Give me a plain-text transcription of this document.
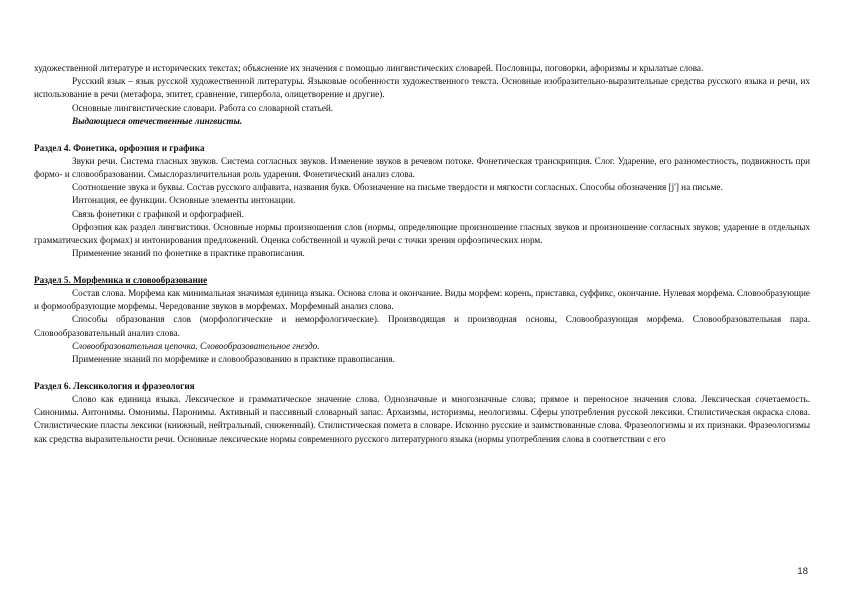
художественной литературе и исторических текстах; объяснение их значения с помощью лингвистических словарей. Пословицы, поговорки, афоризмы и крылатые слова.

Русский язык – язык русской художественной литературы. Языковые особенности художественного текста. Основные изобразительно-выразительные средства русского языка и речи, их использование в речи (метафора, эпитет, сравнение, гипербола, олицетворение и другие).

Основные лингвистические словари. Работа со словарной статьей.

Выдающиеся отечественные лингвисты.

Раздел 4. Фонетика, орфоэпия и графика

Звуки речи. Система гласных звуков. Система согласных звуков. Изменение звуков в речевом потоке. Фонетическая транскрипция. Слог. Ударение, его разноместность, подвижность при формо- и словообразовании. Смыслоразличительная роль ударения. Фонетический анализ слова.

Соотношение звука и буквы. Состав русского алфавита, названия букв. Обозначение на письме твердости и мягкости согласных. Способы обозначения [j'] на письме.

Интонация, ее функции. Основные элементы интонации.

Связь фонетики с графикой и орфографией.

Орфоэпия как раздел лингвистики. Основные нормы произношения слов (нормы, определяющие произношение гласных звуков и произношение согласных звуков; ударение в отдельных грамматических формах) и интонирования предложений. Оценка собственной и чужой речи с точки зрения орфоэпических норм.

Применение знаний по фонетике в практике правописания.

Раздел 5. Морфемика и словообразование

Состав слова. Морфема как минимальная значимая единица языка. Основа слова и окончание. Виды морфем: корень, приставка, суффикс, окончание. Нулевая морфема. Словообразующие и формообразующие морфемы. Чередование звуков в морфемах. Морфемный анализ слова.

Способы образования слов (морфологические и неморфологические). Производящая и производная основы, Словообразующая морфема. Словообразовательная пара. Словообразовательный анализ слова.

Словообразовательная цепочка. Словообразовательное гнездо.

Применение знаний по морфемике и словообразованию в практике правописания.

Раздел 6. Лексикология и фразеология

Слово как единица языка. Лексическое и грамматическое значение слова. Однозначные и многозначные слова; прямое и переносное значения слова. Лексическая сочетаемость. Синонимы. Антонимы. Омонимы. Паронимы. Активный и пассивный словарный запас. Архаизмы, историзмы, неологизмы. Сферы употребления русской лексики. Стилистическая окраска слова. Стилистические пласты лексики (книжный, нейтральный, сниженный). Стилистическая помета в словаре. Исконно русские и заимствованные слова. Фразеологизмы и их признаки. Фразеологизмы как средства выразительности речи. Основные лексические нормы современного русского литературного языка (нормы употребления слова в соответствии с его

18
